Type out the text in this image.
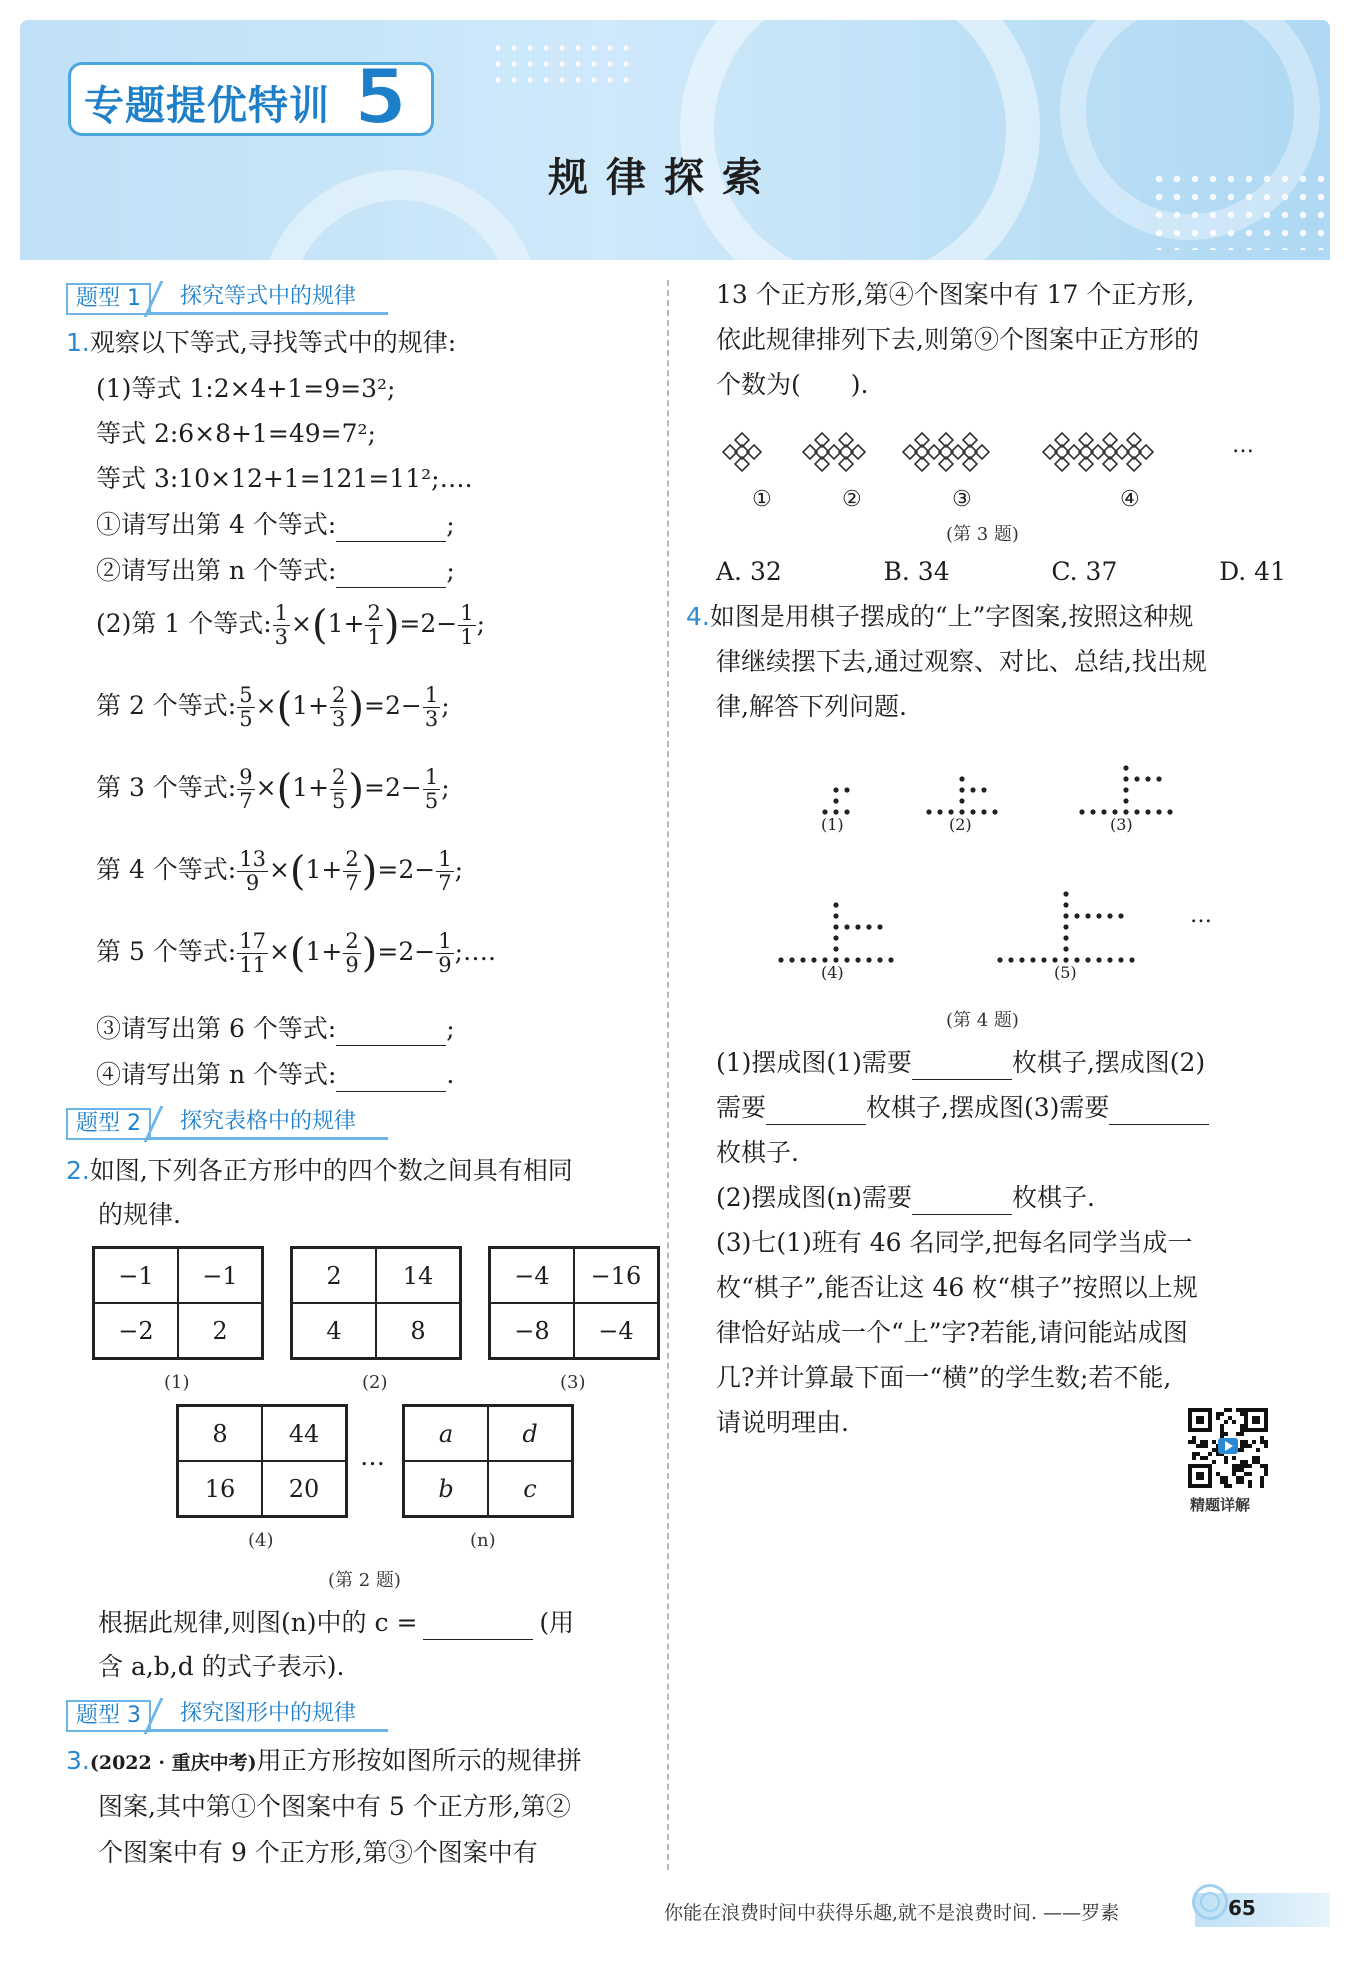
专题提优特训 5
规律探索
题型 1	探究等式中的规律
1.观察以下等式,寻找等式中的规律:
(1)等式 1:2×4+1=9=3²;
等式 2:6×8+1=49=7²;
等式 3:10×12+1=121=11²;….
①请写出第 4 个等式:	;
②请写出第 n 个等式:	;
(2)第 1 个等式: $\frac{1}{3} \times(1+ \frac{2}{1} )=2- \frac{1}{1}$ ;
第 2 个等式: $\frac{5}{5} \times(1+ \frac{2}{3} )=2- \frac{1}{3}$ ;
第 3 个等式: $\frac{9}{7} \times(1+ \frac{2}{5} )=2- \frac{1}{5}$ ;
第 4 个等式: $\frac{13}{9} \times(1+ \frac{2}{7} )=2- \frac{1}{7}$ ;
第 5 个等式: $\frac{17}{11} \times(1+ \frac{2}{9} )=2- \frac{1}{9}$ ;….
③请写出第 6 个等式:	;
④请写出第 n 个等式:	.
题型 2	探究表格中的规律
2.如图,下列各正方形中的四个数之间具有相同
的规律.
−1	−1
−2	2
(1)
2	14
4	8
(2)
−4	−16
−8	−4
(3)
8	44
16	20
(4)
…
a	d
b	c
(n)
(第 2 题)
根据此规律,则图(n)中的 c =	(用
含 a,b,d 的式子表示).
题型 3	探究图形中的规律
3.(2022 · 重庆中考)用正方形按如图所示的规律拼
图案,其中第①个图案中有 5 个正方形,第②
个图案中有 9 个正方形,第③个图案中有
13 个正方形,第④个图案中有 17 个正方形,
依此规律排列下去,则第⑨个图案中正方形的
个数为(　　).
…
①	②	③	④
(第 3 题)
A. 32	B. 34	C. 37	D. 41
4.如图是用棋子摆成的“上”字图案,按照这种规
律继续摆下去,通过观察、对比、总结,找出规
律,解答下列问题.
(1)	(2)	(3)
(4)	(5)
…
(第 4 题)
(1)摆成图(1)需要	枚棋子,摆成图(2)
需要	枚棋子,摆成图(3)需要
枚棋子.
(2)摆成图(n)需要	枚棋子.
(3)七(1)班有 46 名同学,把每名同学当成一
枚“棋子”,能否让这 46 枚“棋子”按照以上规
律恰好站成一个“上”字?若能,请问能站成图
几?并计算最下面一“横”的学生数;若不能,
请说明理由.
精题详解
你能在浪费时间中获得乐趣,就不是浪费时间. ——罗素	65
